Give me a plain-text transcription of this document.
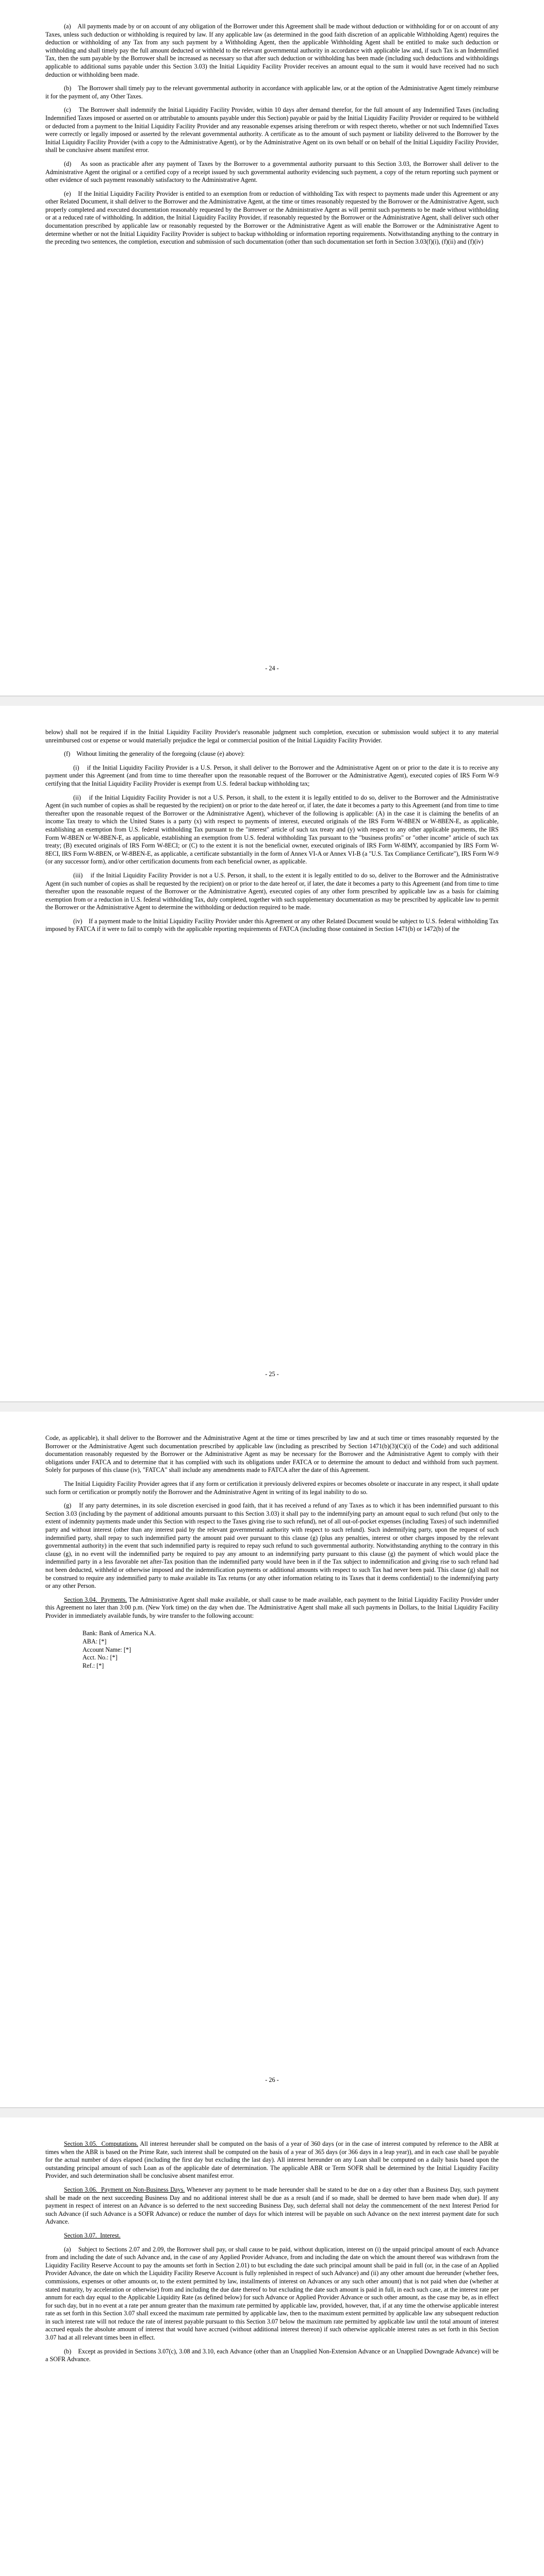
(a)    All payments made by or on account of any obligation of the Borrower under this Agreement shall be made without deduction or withholding for or on account of any Taxes, unless such deduction or withholding is required by law. If any applicable law (as determined in the good faith discretion of an applicable Withholding Agent) requires the deduction or withholding of any Tax from any such payment by a Withholding Agent, then the applicable Withholding Agent shall be entitled to make such deduction or withholding and shall timely pay the full amount deducted or withheld to the relevant governmental authority in accordance with applicable law and, if such Tax is an Indemnified Tax, then the sum payable by the Borrower shall be increased as necessary so that after such deduction or withholding has been made (including such deductions and withholdings applicable to additional sums payable under this Section 3.03) the Initial Liquidity Facility Provider receives an amount equal to the sum it would have received had no such deduction or withholding been made.

(b)    The Borrower shall timely pay to the relevant governmental authority in accordance with applicable law, or at the option of the Administrative Agent timely reimburse it for the payment of, any Other Taxes.

(c)    The Borrower shall indemnify the Initial Liquidity Facility Provider, within 10 days after demand therefor, for the full amount of any Indemnified Taxes (including Indemnified Taxes imposed or asserted on or attributable to amounts payable under this Section) payable or paid by the Initial Liquidity Facility Provider or required to be withheld or deducted from a payment to the Initial Liquidity Facility Provider and any reasonable expenses arising therefrom or with respect thereto, whether or not such Indemnified Taxes were correctly or legally imposed or asserted by the relevant governmental authority. A certificate as to the amount of such payment or liability delivered to the Borrower by the Initial Liquidity Facility Provider (with a copy to the Administrative Agent), or by the Administrative Agent on its own behalf or on behalf of the Initial Liquidity Facility Provider, shall be conclusive absent manifest error.

(d)    As soon as practicable after any payment of Taxes by the Borrower to a governmental authority pursuant to this Section 3.03, the Borrower shall deliver to the Administrative Agent the original or a certified copy of a receipt issued by such governmental authority evidencing such payment, a copy of the return reporting such payment or other evidence of such payment reasonably satisfactory to the Administrative Agent.

(e)    If the Initial Liquidity Facility Provider is entitled to an exemption from or reduction of withholding Tax with respect to payments made under this Agreement or any other Related Document, it shall deliver to the Borrower and the Administrative Agent, at the time or times reasonably requested by the Borrower or the Administrative Agent, such properly completed and executed documentation reasonably requested by the Borrower or the Administrative Agent as will permit such payments to be made without withholding or at a reduced rate of withholding. In addition, the Initial Liquidity Facility Provider, if reasonably requested by the Borrower or the Administrative Agent, shall deliver such other documentation prescribed by applicable law or reasonably requested by the Borrower or the Administrative Agent as will enable the Borrower or the Administrative Agent to determine whether or not the Initial Liquidity Facility Provider is subject to backup withholding or information reporting requirements. Notwithstanding anything to the contrary in the preceding two sentences, the completion, execution and submission of such documentation (other than such documentation set forth in Section 3.03(f)(i), (f)(ii) and (f)(iv)

- 24 -

below) shall not be required if in the Initial Liquidity Facility Provider's reasonable judgment such completion, execution or submission would subject it to any material unreimbursed cost or expense or would materially prejudice the legal or commercial position of the Initial Liquidity Facility Provider.

(f)    Without limiting the generality of the foregoing (clause (e) above):

(i)    if the Initial Liquidity Facility Provider is a U.S. Person, it shall deliver to the Borrower and the Administrative Agent on or prior to the date it is to receive any payment under this Agreement (and from time to time thereafter upon the reasonable request of the Borrower or the Administrative Agent), executed copies of IRS Form W-9 certifying that the Initial Liquidity Facility Provider is exempt from U.S. federal backup withholding tax;

(ii)    if the Initial Liquidity Facility Provider is not a U.S. Person, it shall, to the extent it is legally entitled to do so, deliver to the Borrower and the Administrative Agent (in such number of copies as shall be requested by the recipient) on or prior to the date hereof or, if later, the date it becomes a party to this Agreement (and from time to time thereafter upon the reasonable request of the Borrower or the Administrative Agent), whichever of the following is applicable: (A) in the case it is claiming the benefits of an income Tax treaty to which the United States is a party (x) with respect to payments of interest, executed originals of the IRS Form W-8BEN or W-8BEN-E, as applicable, establishing an exemption from U.S. federal withholding Tax pursuant to the "interest" article of such tax treaty and (y) with respect to any other applicable payments, the IRS Form W-8BEN or W-8BEN-E, as applicable, establishing an exemption from U.S. federal withholding Tax pursuant to the "business profits" or "other income" article of such tax treaty; (B) executed originals of IRS Form W-8ECI; or (C) to the extent it is not the beneficial owner, executed originals of IRS Form W-8IMY, accompanied by IRS Form W-8ECI, IRS Form W-8BEN, or W-8BEN-E, as applicable, a certificate substantially in the form of Annex VI-A or Annex VI-B (a "U.S. Tax Compliance Certificate"), IRS Form W-9 (or any successor form), and/or other certification documents from each beneficial owner, as applicable.

(iii)    if the Initial Liquidity Facility Provider is not a U.S. Person, it shall, to the extent it is legally entitled to do so, deliver to the Borrower and the Administrative Agent (in such number of copies as shall be requested by the recipient) on or prior to the date hereof or, if later, the date it becomes a party to this Agreement (and from time to time thereafter upon the reasonable request of the Borrower or the Administrative Agent), executed copies of any other form prescribed by applicable law as a basis for claiming exemption from or a reduction in U.S. federal withholding Tax, duly completed, together with such supplementary documentation as may be prescribed by applicable law to permit the Borrower or the Administrative Agent to determine the withholding or deduction required to be made.

(iv)    If a payment made to the Initial Liquidity Facility Provider under this Agreement or any other Related Document would be subject to U.S. federal withholding Tax imposed by FATCA if it were to fail to comply with the applicable reporting requirements of FATCA (including those contained in Section 1471(b) or 1472(b) of the

- 25 -

Code, as applicable), it shall deliver to the Borrower and the Administrative Agent at the time or times prescribed by law and at such time or times reasonably requested by the Borrower or the Administrative Agent such documentation prescribed by applicable law (including as prescribed by Section 1471(b)(3)(C)(i) of the Code) and such additional documentation reasonably requested by the Borrower or the Administrative Agent as may be necessary for the Borrower and the Administrative Agent to comply with their obligations under FATCA and to determine that it has complied with such its obligations under FATCA or to determine the amount to deduct and withhold from such payment. Solely for purposes of this clause (iv), "FATCA" shall include any amendments made to FATCA after the date of this Agreement.

The Initial Liquidity Facility Provider agrees that if any form or certification it previously delivered expires or becomes obsolete or inaccurate in any respect, it shall update such form or certification or promptly notify the Borrower and the Administrative Agent in writing of its legal inability to do so.

(g)    If any party determines, in its sole discretion exercised in good faith, that it has received a refund of any Taxes as to which it has been indemnified pursuant to this Section 3.03 (including by the payment of additional amounts pursuant to this Section 3.03) it shall pay to the indemnifying party an amount equal to such refund (but only to the extent of indemnity payments made under this Section with respect to the Taxes giving rise to such refund), net of all out-of-pocket expenses (including Taxes) of such indemnified party and without interest (other than any interest paid by the relevant governmental authority with respect to such refund). Such indemnifying party, upon the request of such indemnified party, shall repay to such indemnified party the amount paid over pursuant to this clause (g) (plus any penalties, interest or other charges imposed by the relevant governmental authority) in the event that such indemnified party is required to repay such refund to such governmental authority. Notwithstanding anything to the contrary in this clause (g), in no event will the indemnified party be required to pay any amount to an indemnifying party pursuant to this clause (g) the payment of which would place the indemnified party in a less favorable net after-Tax position than the indemnified party would have been in if the Tax subject to indemnification and giving rise to such refund had not been deducted, withheld or otherwise imposed and the indemnification payments or additional amounts with respect to such Tax had never been paid. This clause (g) shall not be construed to require any indemnified party to make available its Tax returns (or any other information relating to its Taxes that it deems confidential) to the indemnifying party or any other Person.

Section 3.04.  Payments. The Administrative Agent shall make available, or shall cause to be made available, each payment to the Initial Liquidity Facility Provider under this Agreement no later than 3:00 p.m. (New York time) on the day when due. The Administrative Agent shall make all such payments in Dollars, to the Initial Liquidity Facility Provider in immediately available funds, by wire transfer to the following account:

Bank: Bank of America N.A.

ABA: [*]

Account Name: [*]

Acct. No.: [*]

Ref.: [*]

- 26 -

Section 3.05.  Computations. All interest hereunder shall be computed on the basis of a year of 360 days (or in the case of interest computed by reference to the ABR at times when the ABR is based on the Prime Rate, such interest shall be computed on the basis of a year of 365 days (or 366 days in a leap year)), and in each case shall be payable for the actual number of days elapsed (including the first day but excluding the last day). All interest hereunder on any Loan shall be computed on a daily basis based upon the outstanding principal amount of such Loan as of the applicable date of determination. The applicable ABR or Term SOFR shall be determined by the Initial Liquidity Facility Provider, and such determination shall be conclusive absent manifest error.

Section 3.06.  Payment on Non-Business Days. Whenever any payment to be made hereunder shall be stated to be due on a day other than a Business Day, such payment shall be made on the next succeeding Business Day and no additional interest shall be due as a result (and if so made, shall be deemed to have been made when due). If any payment in respect of interest on an Advance is so deferred to the next succeeding Business Day, such deferral shall not delay the commencement of the next Interest Period for such Advance (if such Advance is a SOFR Advance) or reduce the number of days for which interest will be payable on such Advance on the next interest payment date for such Advance.

Section 3.07.  Interest.

(a)    Subject to Sections 2.07 and 2.09, the Borrower shall pay, or shall cause to be paid, without duplication, interest on (i) the unpaid principal amount of each Advance from and including the date of such Advance and, in the case of any Applied Provider Advance, from and including the date on which the amount thereof was withdrawn from the Liquidity Facility Reserve Account to pay the amounts set forth in Section 2.01) to but excluding the date such principal amount shall be paid in full (or, in the case of an Applied Provider Advance, the date on which the Liquidity Facility Reserve Account is fully replenished in respect of such Advance) and (ii) any other amount due hereunder (whether fees, commissions, expenses or other amounts or, to the extent permitted by law, installments of interest on Advances or any such other amount) that is not paid when due (whether at stated maturity, by acceleration or otherwise) from and including the due date thereof to but excluding the date such amount is paid in full, in each such case, at the interest rate per annum for each day equal to the Applicable Liquidity Rate (as defined below) for such Advance or Applied Provider Advance or such other amount, as the case may be, as in effect for such day, but in no event at a rate per annum greater than the maximum rate permitted by applicable law, provided, however, that, if at any time the otherwise applicable interest rate as set forth in this Section 3.07 shall exceed the maximum rate permitted by applicable law, then to the maximum extent permitted by applicable law any subsequent reduction in such interest rate will not reduce the rate of interest payable pursuant to this Section 3.07 below the maximum rate permitted by applicable law until the total amount of interest accrued equals the absolute amount of interest that would have accrued (without additional interest thereon) if such otherwise applicable interest rates as set forth in this Section 3.07 had at all relevant times been in effect.

(b)    Except as provided in Sections 3.07(c), 3.08 and 3.10, each Advance (other than an Unapplied Non-Extension Advance or an Unapplied Downgrade Advance) will be a SOFR Advance.
